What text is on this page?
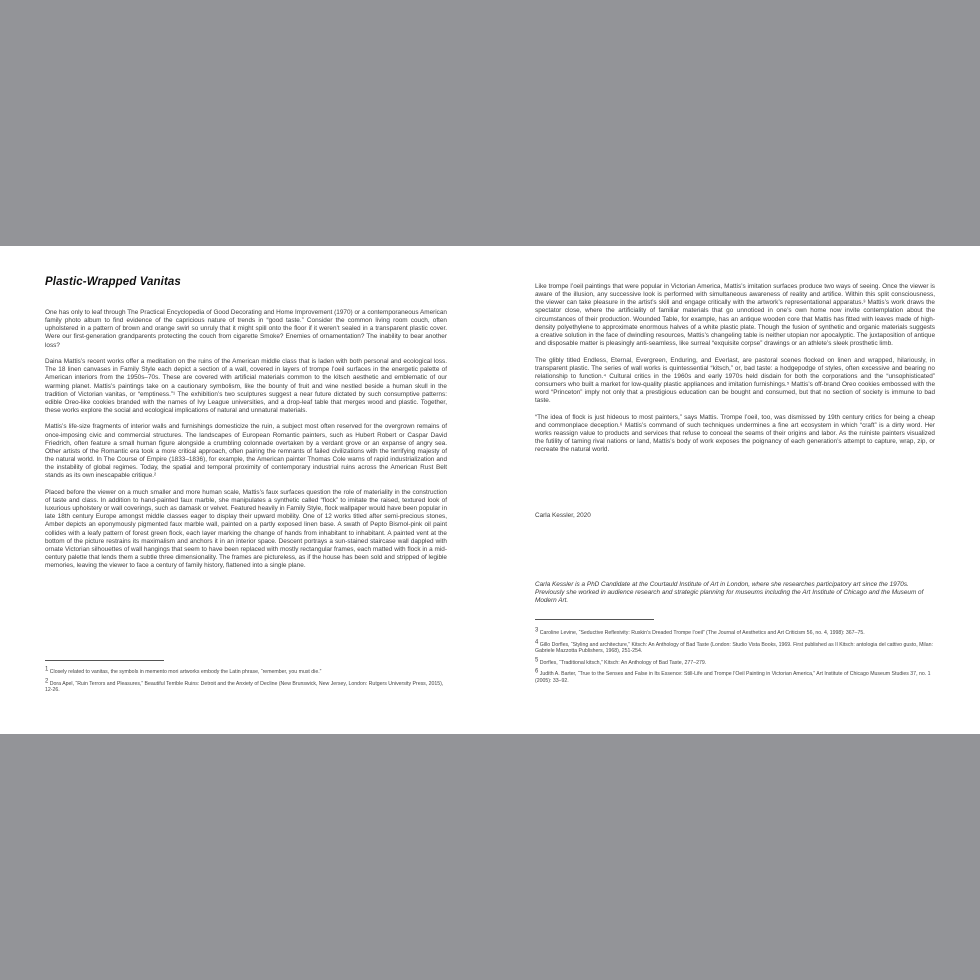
Plastic-Wrapped Vanitas

One has only to leaf through The Practical Encyclopedia of Good Decorating and Home Improvement (1970) or a contemporaneous American family photo album to find evidence of the capricious nature of trends in “good taste.” Consider the common living room couch, often upholstered in a pattern of brown and orange swirl so unruly that it might spill onto the floor if it weren’t sealed in a transparent plastic cover. Were our first-generation grandparents protecting the couch from cigarette Smoke? Enemies of ornamentation? The inability to bear another loss?

Daina Mattis’s recent works offer a meditation on the ruins of the American middle class that is laden with both personal and ecological loss. The 18 linen canvases in Family Style each depict a section of a wall, covered in layers of trompe l’oeil surfaces in the energetic palette of American interiors from the 1950s–70s. These are covered with artificial materials common to the kitsch aesthetic and emblematic of our warming planet. Mattis’s paintings take on a cautionary symbolism, like the bounty of fruit and wine nestled beside a human skull in the tradition of Victorian vanitas, or “emptiness.”¹ The exhibition’s two sculptures suggest a near future dictated by such consumptive patterns: edible Oreo-like cookies branded with the names of Ivy League universities, and a drop-leaf table that merges wood and plastic. Together, these works explore the social and ecological implications of natural and unnatural materials.

Mattis’s life-size fragments of interior walls and furnishings domesticize the ruin, a subject most often reserved for the overgrown remains of once-imposing civic and commercial structures. The landscapes of European Romantic painters, such as Hubert Robert or Caspar David Friedrich, often feature a small human figure alongside a crumbling colonnade overtaken by a verdant grove or an expanse of angry sea. Other artists of the Romantic era took a more critical approach, often pairing the remnants of failed civilizations with the terrifying majesty of the natural world. In The Course of Empire (1833–1836), for example, the American painter Thomas Cole warns of rapid industrialization and the instability of global regimes. Today, the spatial and temporal proximity of contemporary industrial ruins across the American Rust Belt stands as its own inescapable critique.²

Placed before the viewer on a much smaller and more human scale, Mattis’s faux surfaces question the role of materiality in the construction of taste and class. In addition to hand-painted faux marble, she manipulates a synthetic called “flock” to imitate the raised, textured look of luxurious upholstery or wall coverings, such as damask or velvet. Featured heavily in Family Style, flock wallpaper would have been popular in late 18th century Europe amongst middle classes eager to display their upward mobility. One of 12 works titled after semi-precious stones, Amber depicts an eponymously pigmented faux marble wall, painted on a partly exposed linen base. A swath of Pepto Bismol-pink oil paint collides with a leafy pattern of forest green flock, each layer marking the change of hands from inhabitant to inhabitant. A painted vent at the bottom of the picture restrains its maximalism and anchors it in an interior space. Descent portrays a sun-stained staircase wall dappled with ornate Victorian silhouettes of wall hangings that seem to have been replaced with mostly rectangular frames, each matted with flock in a mid-century palette that lends them a subtle three dimensionality. The frames are pictureless, as if the house has been sold and stripped of legible memories, leaving the viewer to face a century of family history, flattened into a single plane.

$^1$ Closely related to vanitas, the symbols in memento mori artworks embody the Latin phrase, “remember, you must die.”

$^2$ Dora Apel, “Ruin Terrors and Pleasures,” Beautiful Terrible Ruins: Detroit and the Anxiety of Decline (New Brunswick, New Jersey, London: Rutgers University Press, 2015), 12-26.

Like trompe l’oeil paintings that were popular in Victorian America, Mattis’s imitation surfaces produce two ways of seeing. Once the viewer is aware of the illusion, any successive look is performed with simultaneous awareness of reality and artifice. Within this split consciousness, the viewer can take pleasure in the artist’s skill and engage critically with the artwork’s representational apparatus.³ Mattis’s work draws the spectator close, where the artificiality of familiar materials that go unnoticed in one’s own home now invite contemplation about the circumstances of their production. Wounded Table, for example, has an antique wooden core that Mattis has fitted with leaves made of high-density polyethylene to approximate enormous halves of a white plastic plate. Though the fusion of synthetic and organic materials suggests a creative solution in the face of dwindling resources, Mattis’s changeling table is neither utopian nor apocalyptic. The juxtaposition of antique and disposable matter is pleasingly anti-seamless, like surreal “exquisite corpse” drawings or an athlete’s sleek prosthetic limb.

The glibly titled Endless, Eternal, Evergreen, Enduring, and Everlast, are pastoral scenes flocked on linen and wrapped, hilariously, in transparent plastic. The series of wall works is quintessential “kitsch,” or, bad taste: a hodgepodge of styles, often excessive and bearing no relationship to function.⁴ Cultural critics in the 1960s and early 1970s held disdain for both the corporations and the “unsophisticated” consumers who built a market for low-quality plastic appliances and imitation furnishings.⁵ Mattis’s off-brand Oreo cookies embossed with the word “Princeton” imply not only that a prestigious education can be bought and consumed, but that no section of society is immune to bad taste.

“The idea of flock is just hideous to most painters,” says Mattis. Trompe l’oeil, too, was dismissed by 19th century critics for being a cheap and commonplace deception.⁶ Mattis’s command of such techniques undermines a fine art ecosystem in which “craft” is a dirty word. Her works reassign value to products and services that refuse to conceal the seams of their origins and labor. As the ruiniste painters visualized the futility of taming rival nations or land, Mattis’s body of work exposes the poignancy of each generation’s attempt to capture, wrap, zip, or recreate the natural world.

Carla Kessler, 2020

Carla Kessler is a PhD Candidate at the Courtauld Institute of Art in London, where she researches participatory art since the 1970s. Previously she worked in audience research and strategic planning for museums including the Art Institute of Chicago and the Museum of Modern Art.

$^3$ Caroline Levine, “Seductive Reflexivity: Ruskin’s Dreaded Trompe l’oeil” (The Journal of Aesthetics and Art Criticism 56, no. 4, 1998): 367–75.

$^4$ Gillo Dorfles, “Styling and architecture,” Kitsch: An Anthology of Bad Taste (London: Studio Vista Books, 1969. First published as Il Kitsch: antologia del cattivo gusto, Milan: Gabriele Mazzotta Publishers, 1968), 251-254.

$^5$ Dorfles, “Traditional kitsch,” Kitsch: An Anthology of Bad Taste, 277–279.

$^6$ Judith A. Barter, “True to the Senses and False in Its Essence: Still-Life and Trompe l’Oeil Painting in Victorian America,” Art Institute of Chicago Museum Studies 37, no. 1 (2005): 33–92.
